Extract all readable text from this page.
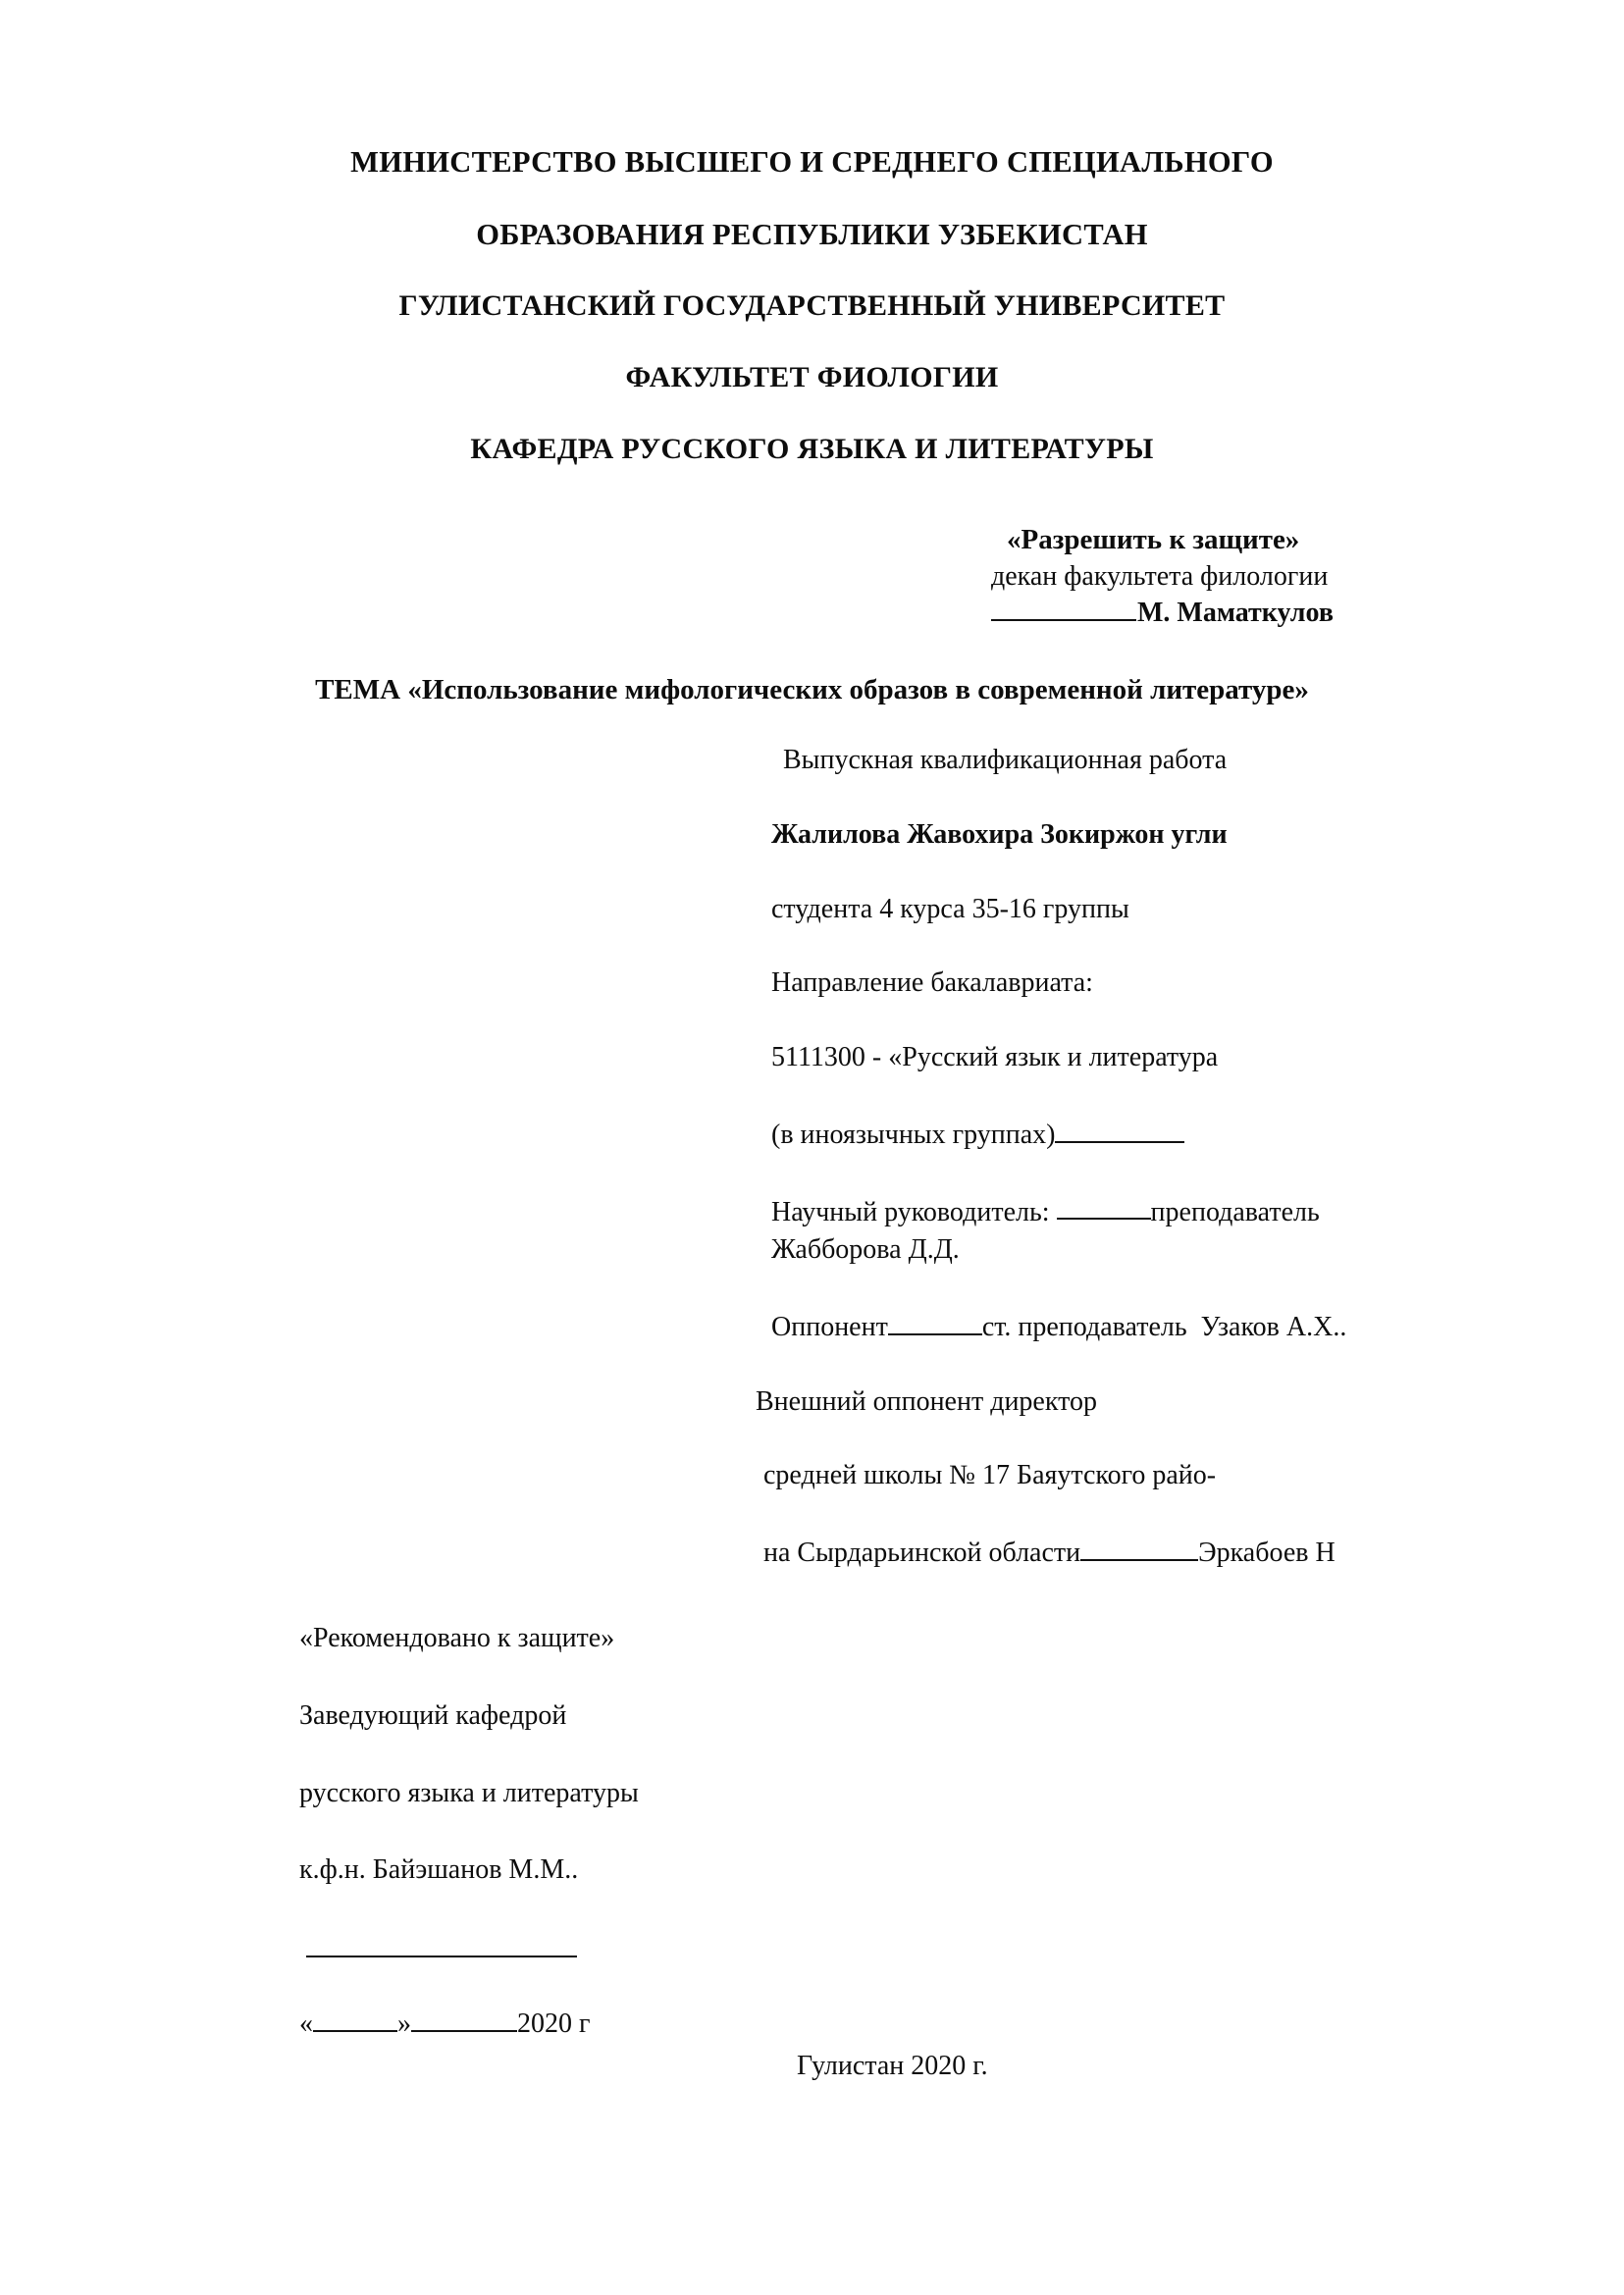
МИНИСТЕРСТВО ВЫСШЕГО И СРЕДНЕГО СПЕЦИАЛЬНОГО

ОБРАЗОВАНИЯ РЕСПУБЛИКИ УЗБЕКИСТАН

ГУЛИСТАНСКИЙ ГОСУДАРСТВЕННЫЙ УНИВЕРСИТЕТ

ФАКУЛЬТЕТ ФИОЛОГИИ

КАФЕДРА РУССКОГО ЯЗЫКА И ЛИТЕРАТУРЫ

«Разрешить к защите»

декан факультета филологии

М. Маматкулов

ТЕМА «Использование мифологических образов в современной литературе»

Выпускная квалификационная работа

Жалилова Жавохира Зокиржон угли

студента 4 курса 35-16 группы

Направление бакалавриата:

5111300 - «Русский язык и литература

(в иноязычных группах)

Научный руководитель:	преподаватель

Жабборова Д.Д.

Оппонент	ст. преподаватель Узаков А.Х..

Внешний оппонент директор

средней школы № 17 Баяутского райо-

на Сырдарьинской области	Эркабоев Н

«Рекомендовано к защите»

Заведующий кафедрой

русского языка и литературы

к.ф.н. Байэшанов М.М..

«	»	2020 г
Гулистан 2020 г.
